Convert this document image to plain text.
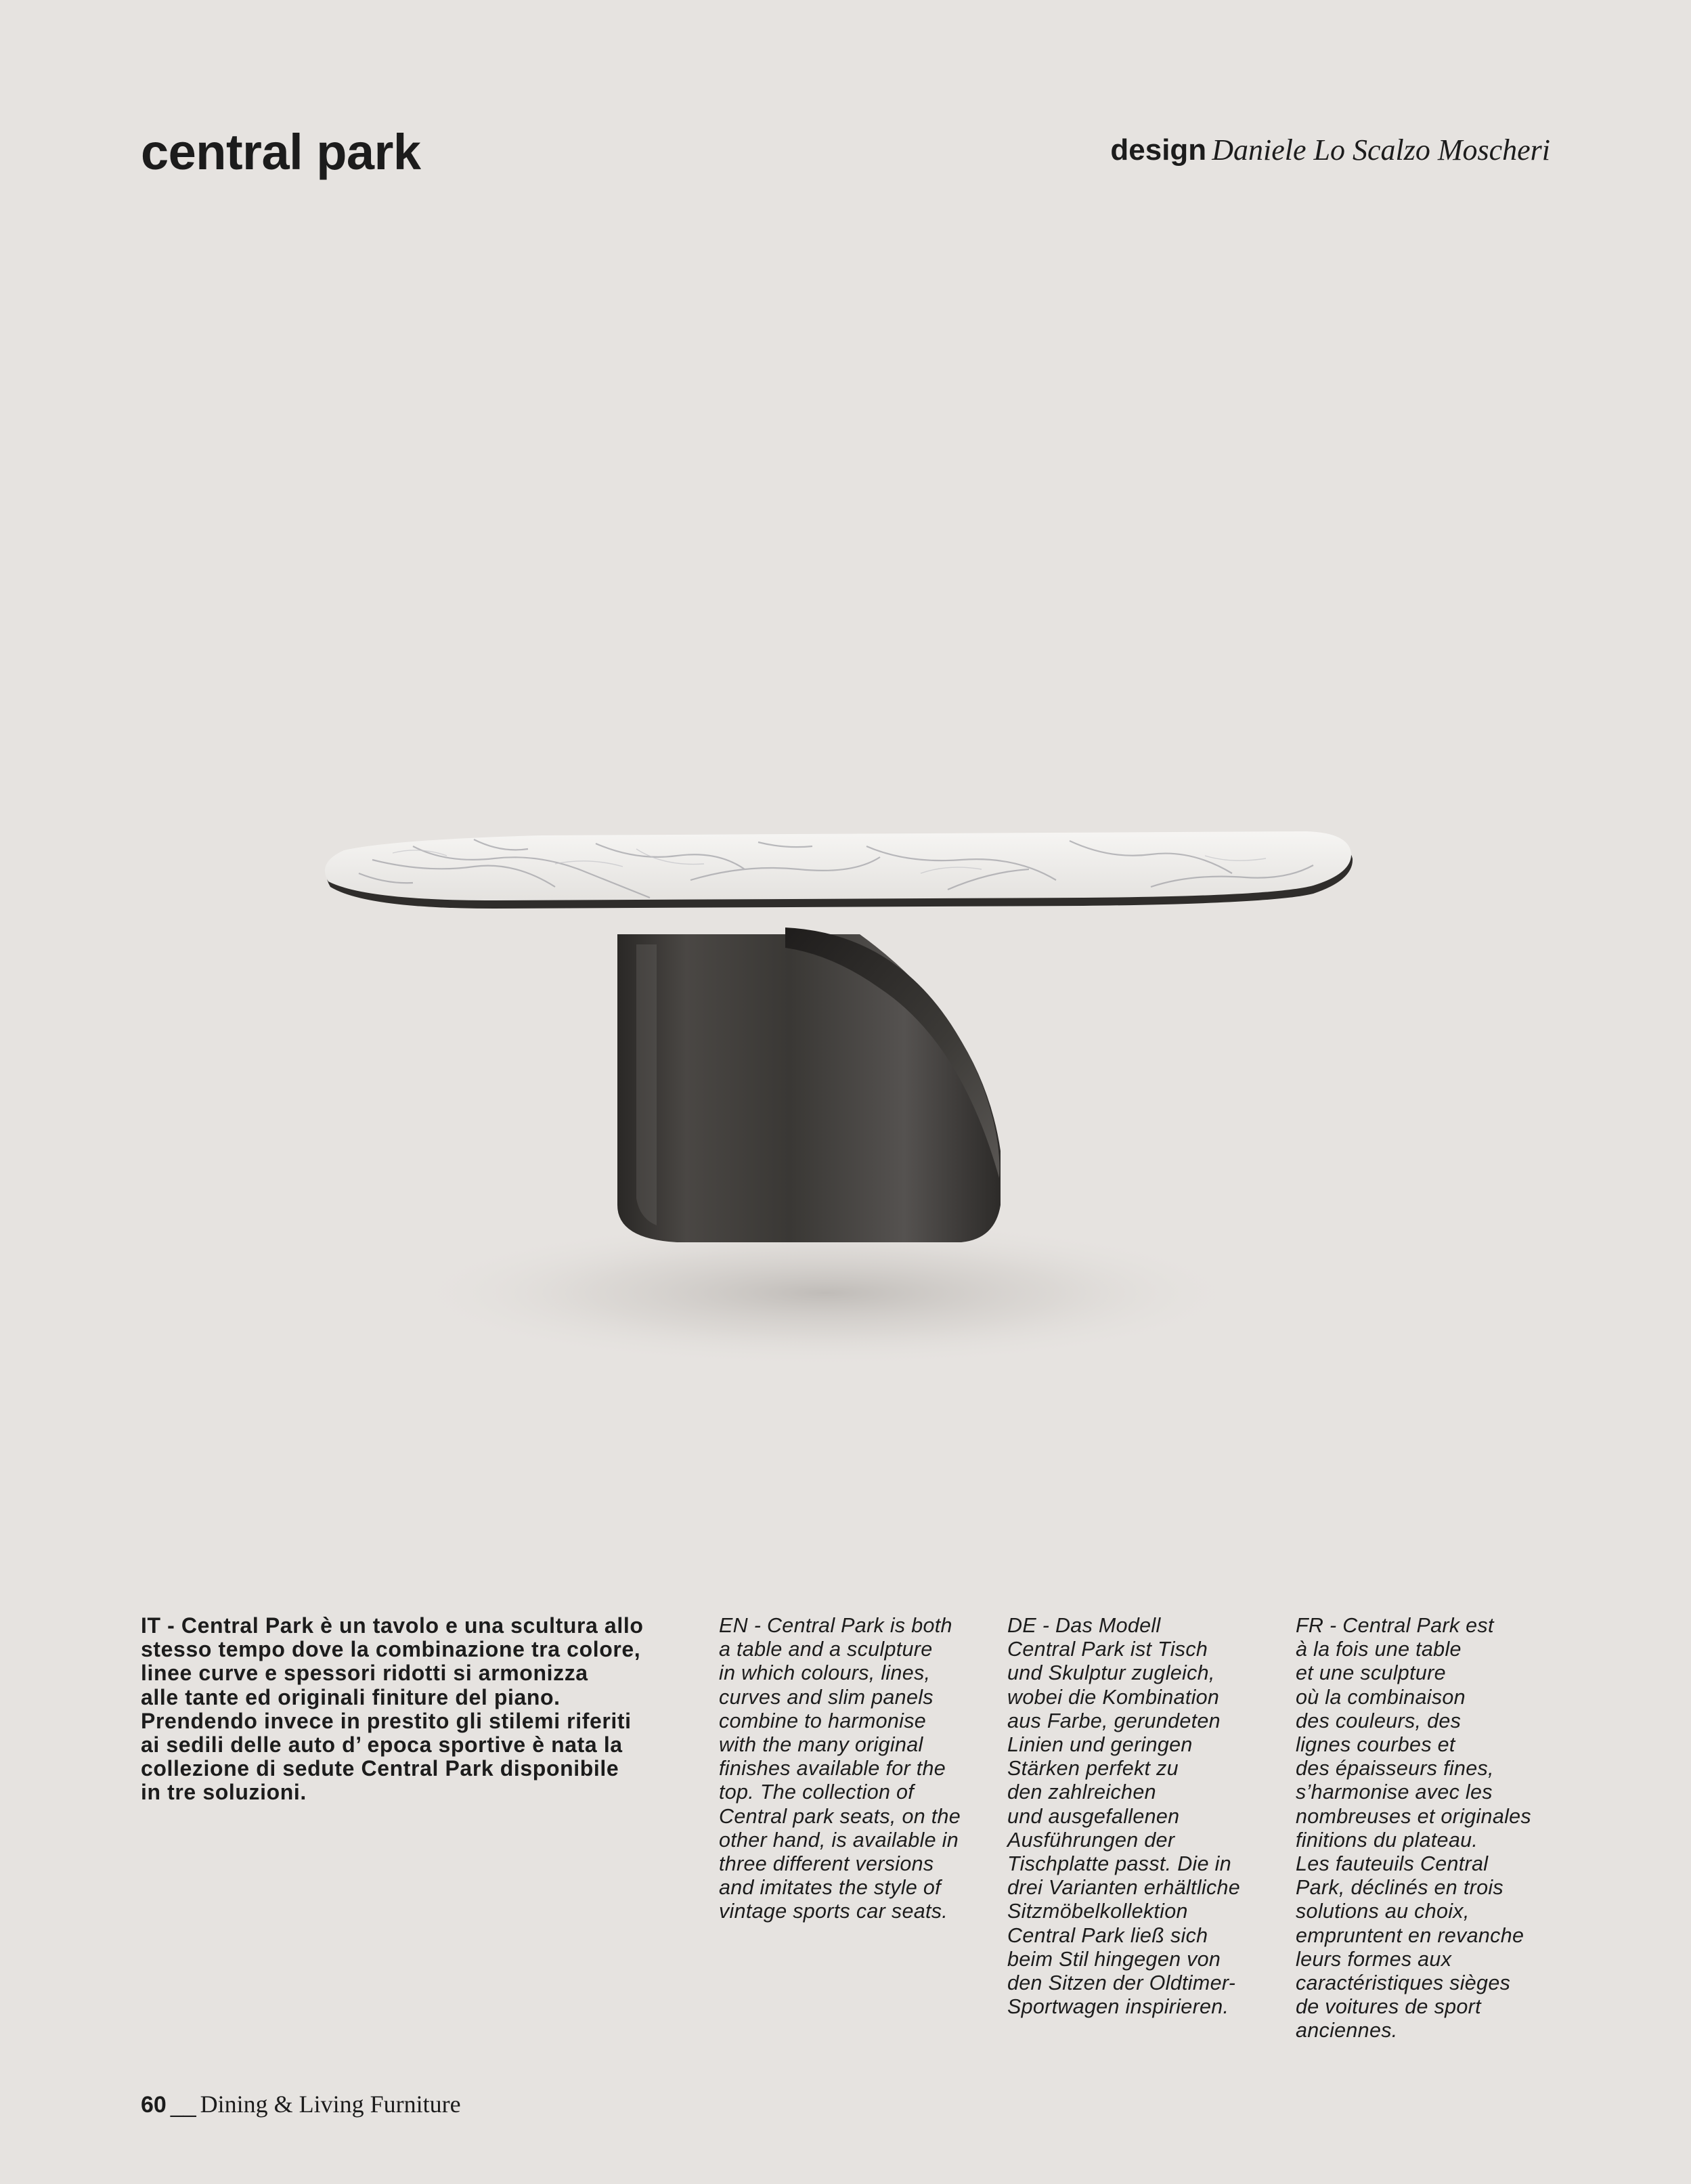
central park	design Daniele Lo Scalzo Moscheri

IT - Central Park è un tavolo e una scultura allo
stesso tempo dove la combinazione tra colore,
linee curve e spessori ridotti si armonizza
alle tante ed originali finiture del piano.
Prendendo invece in prestito gli stilemi riferiti
ai sedili delle auto d’ epoca sportive è nata la
collezione di sedute Central Park disponibile
in tre soluzioni.

EN - Central Park is both
a table and a sculpture
in which colours, lines,
curves and slim panels
combine to harmonise
with the many original
finishes available for the
top. The collection of
Central park seats, on the
other hand, is available in
three different versions
and imitates the style of
vintage sports car seats.

DE - Das Modell
Central Park ist Tisch
und Skulptur zugleich,
wobei die Kombination
aus Farbe, gerundeten
Linien und geringen
Stärken perfekt zu
den zahlreichen
und ausgefallenen
Ausführungen der
Tischplatte passt. Die in
drei Varianten erhältliche
Sitzmöbelkollektion
Central Park ließ sich
beim Stil hingegen von
den Sitzen der Oldtimer-
Sportwagen inspirieren.

FR - Central Park est
à la fois une table
et une sculpture
où la combinaison
des couleurs, des
lignes courbes et
des épaisseurs fines,
s’harmonise avec les
nombreuses et originales
finitions du plateau.
Les fauteuils Central
Park, déclinés en trois
solutions au choix,
empruntent en revanche
leurs formes aux
caractéristiques sièges
de voitures de sport
anciennes.

60 __ Dining & Living Furniture
